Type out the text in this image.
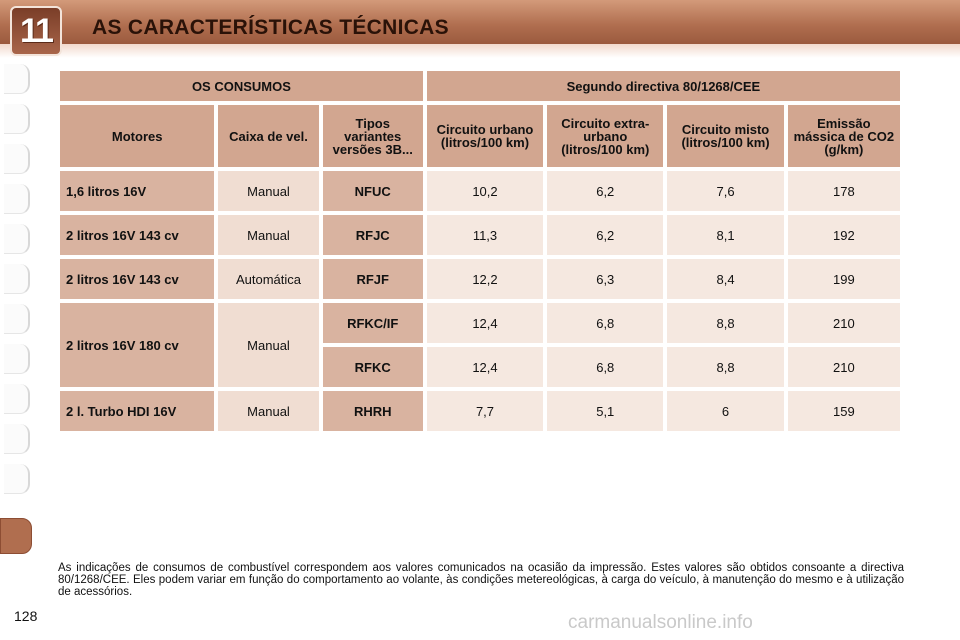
11 AS CARACTERÍSTICAS TÉCNICAS
OS CONSUMOS			Segundo directiva 80/1268/CEE			
Motores	Caixa de vel.	Tipos variantes versões 3B...	Circuito urbano (litros/100 km)	Circuito extra-urbano (litros/100 km)	Circuito misto (litros/100 km)	Emissão mássica de CO2 (g/km)
1,6 litros 16V	Manual	NFUC	10,2	6,2	7,6	178
2 litros 16V 143 cv	Manual	RFJC	11,3	6,2	8,1	192
2 litros 16V 143 cv	Automática	RFJF	12,2	6,3	8,4	199
2 litros 16V 180 cv	Manual	RFKC/IF	12,4	6,8	8,8	210
		RFKC	12,4	6,8	8,8	210
2 l. Turbo HDI 16V	Manual	RHRH	7,7	5,1	6	159

As indicações de consumos de combustível correspondem aos valores comunicados na ocasião da impressão. Estes valores são obtidos consoante a directiva 80/1268/CEE. Eles podem variar em função do comportamento ao volante, às condições metereológicas, à carga do veículo, à manutenção do mesmo e à utilização de acessórios.

128	carmanualsonline.info
